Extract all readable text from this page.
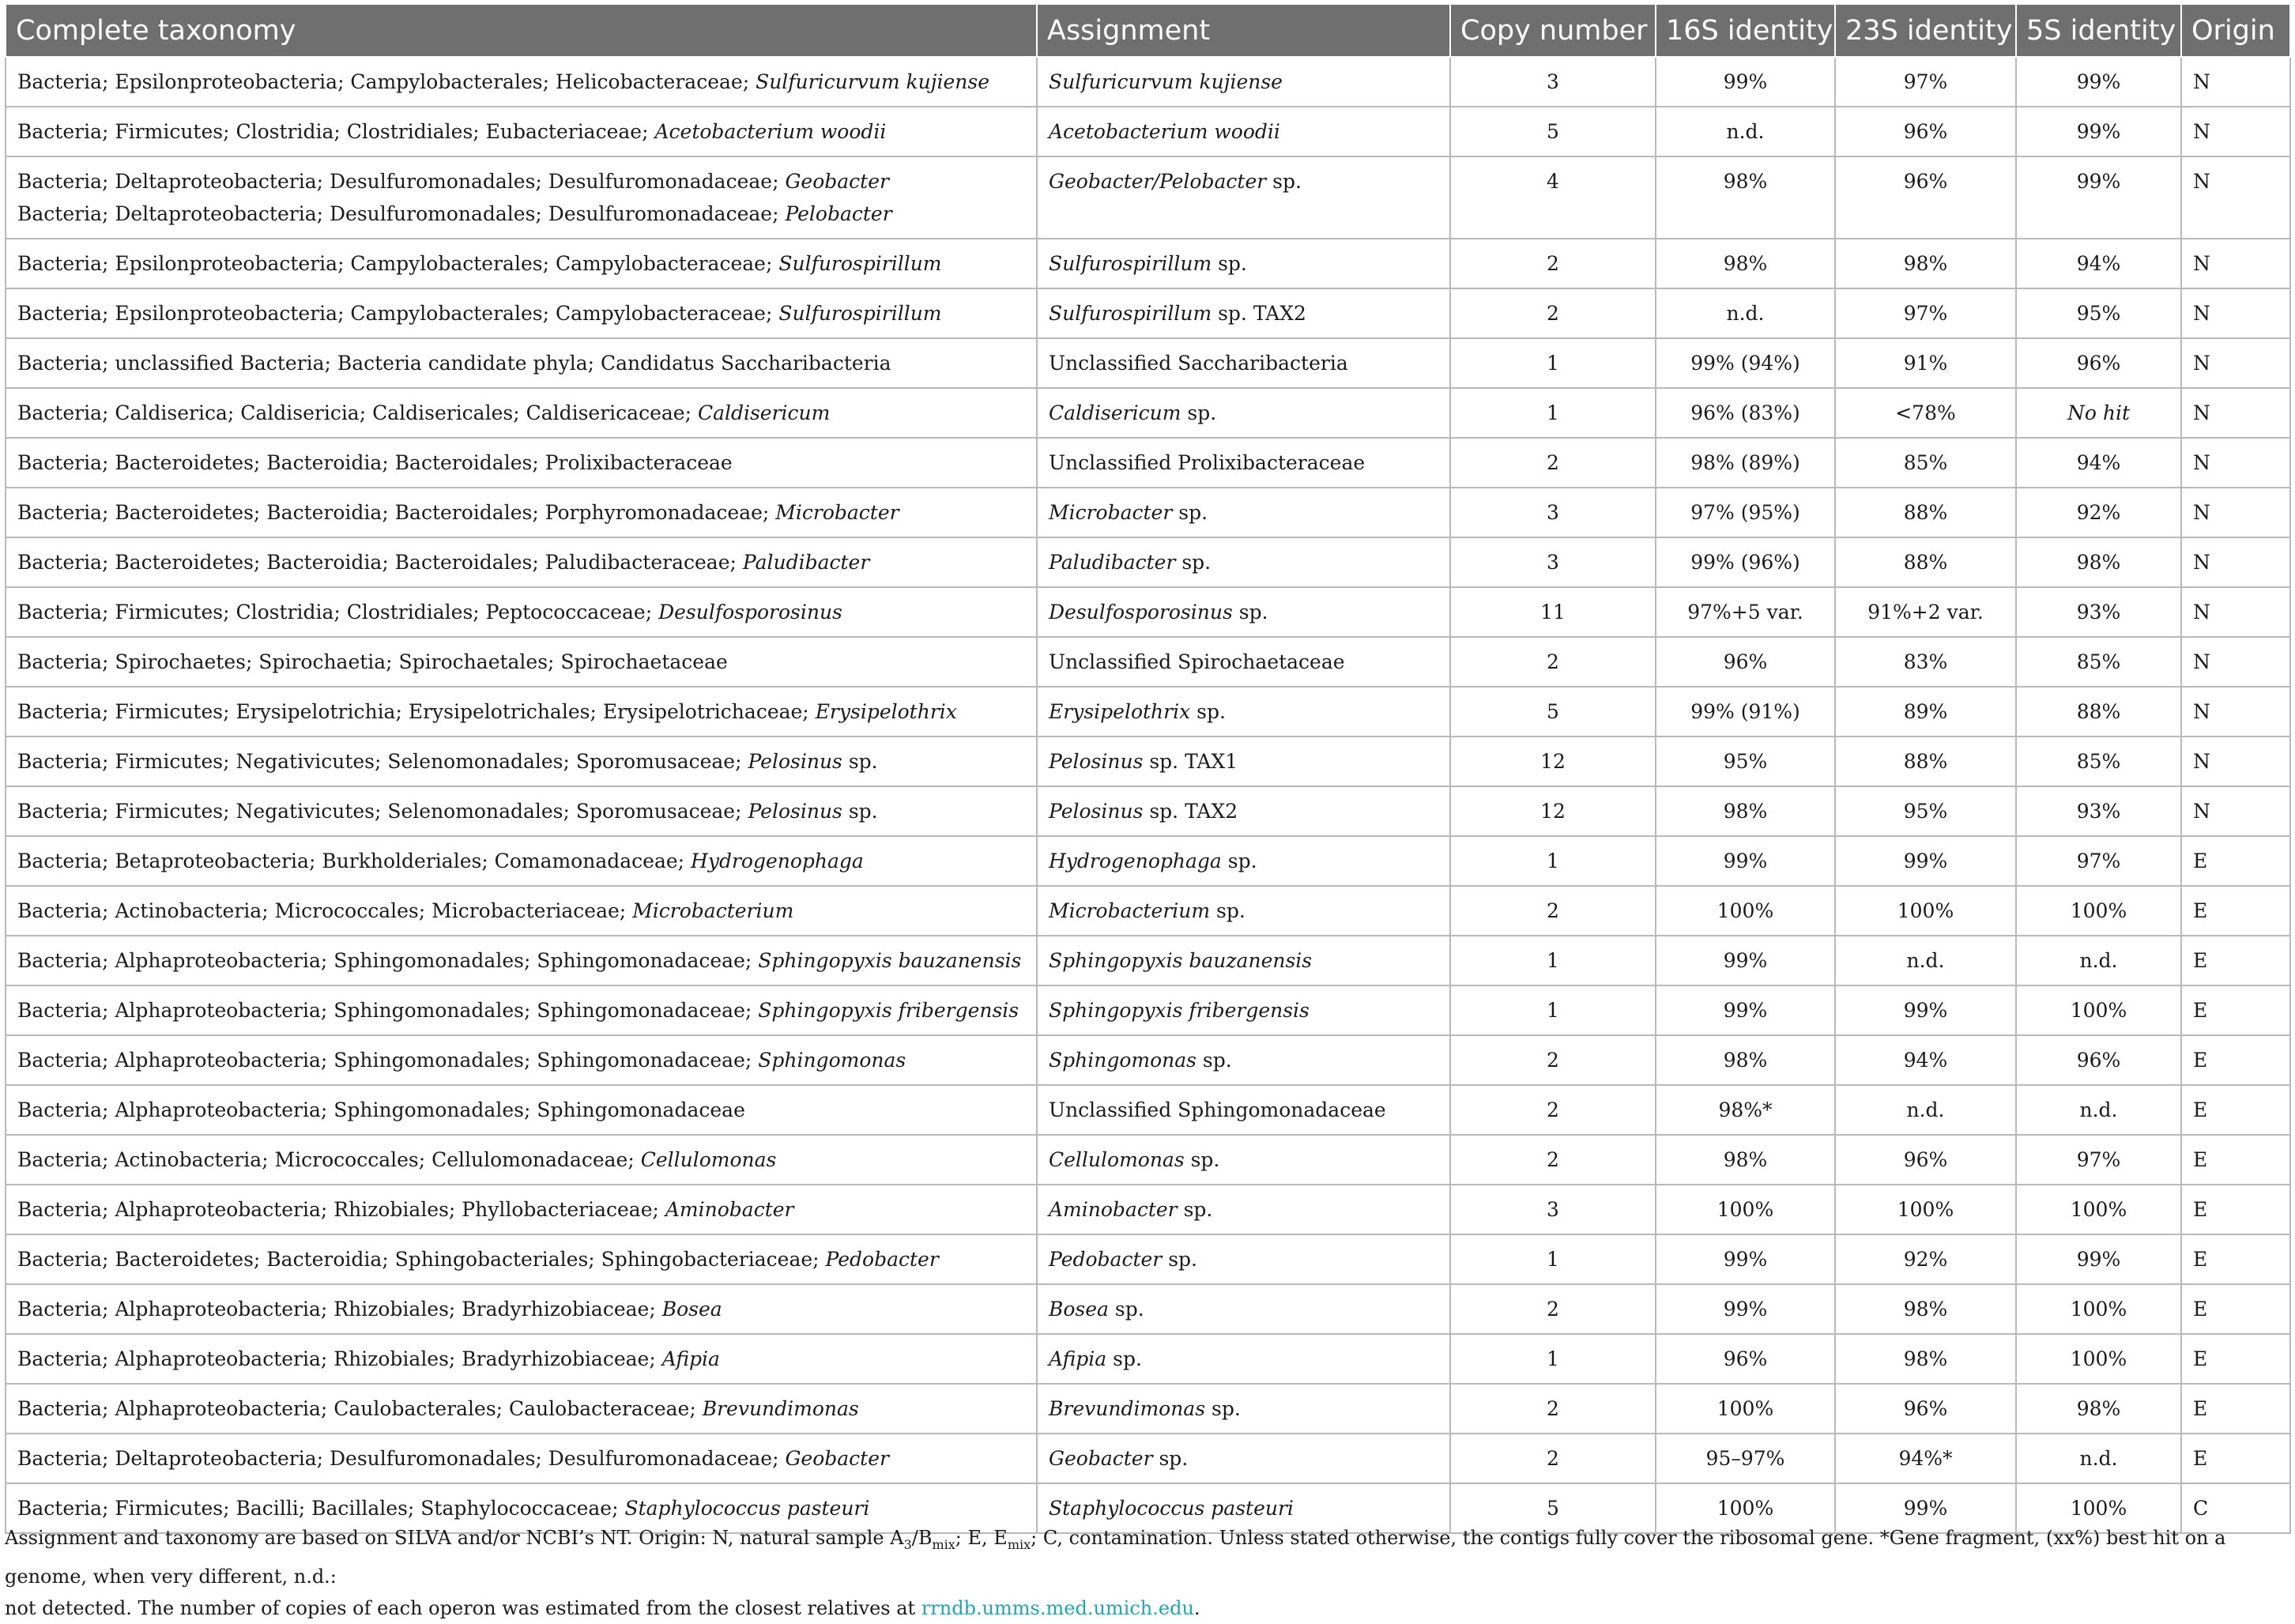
Complete taxonomy	Assignment	Copy number	16S identity	23S identity	5S identity	Origin

Bacteria; Epsilonproteobacteria; Campylobacterales; Helicobacteraceae; Sulfuricurvum kujiense	Sulfuricurvum kujiense	3	99%	97%	99%	N

Bacteria; Firmicutes; Clostridia; Clostridiales; Eubacteriaceae; Acetobacterium woodii	Acetobacterium woodii	5	n.d.	96%	99%	N

Bacteria; Deltaproteobacteria; Desulfuromonadales; Desulfuromonadaceae; Geobacter
Bacteria; Deltaproteobacteria; Desulfuromonadales; Desulfuromonadaceae; Pelobacter	Geobacter/Pelobacter sp.	4	98%	96%	99%	N

Bacteria; Epsilonproteobacteria; Campylobacterales; Campylobacteraceae; Sulfurospirillum	Sulfurospirillum sp.	2	98%	98%	94%	N

Bacteria; Epsilonproteobacteria; Campylobacterales; Campylobacteraceae; Sulfurospirillum	Sulfurospirillum sp. TAX2	2	n.d.	97%	95%	N

Bacteria; unclassified Bacteria; Bacteria candidate phyla; Candidatus Saccharibacteria	Unclassified Saccharibacteria	1	99% (94%)	91%	96%	N

Bacteria; Caldiserica; Caldisericia; Caldisericales; Caldisericaceae; Caldisericum	Caldisericum sp.	1	96% (83%)	<78%	No hit	N

Bacteria; Bacteroidetes; Bacteroidia; Bacteroidales; Prolixibacteraceae	Unclassified Prolixibacteraceae	2	98% (89%)	85%	94%	N

Bacteria; Bacteroidetes; Bacteroidia; Bacteroidales; Porphyromonadaceae; Microbacter	Microbacter sp.	3	97% (95%)	88%	92%	N

Bacteria; Bacteroidetes; Bacteroidia; Bacteroidales; Paludibacteraceae; Paludibacter	Paludibacter sp.	3	99% (96%)	88%	98%	N

Bacteria; Firmicutes; Clostridia; Clostridiales; Peptococcaceae; Desulfosporosinus	Desulfosporosinus sp.	11	97%+5 var.	91%+2 var.	93%	N

Bacteria; Spirochaetes; Spirochaetia; Spirochaetales; Spirochaetaceae	Unclassified Spirochaetaceae	2	96%	83%	85%	N

Bacteria; Firmicutes; Erysipelotrichia; Erysipelotrichales; Erysipelotrichaceae; Erysipelothrix	Erysipelothrix sp.	5	99% (91%)	89%	88%	N

Bacteria; Firmicutes; Negativicutes; Selenomonadales; Sporomusaceae; Pelosinus sp.	Pelosinus sp. TAX1	12	95%	88%	85%	N

Bacteria; Firmicutes; Negativicutes; Selenomonadales; Sporomusaceae; Pelosinus sp.	Pelosinus sp. TAX2	12	98%	95%	93%	N

Bacteria; Betaproteobacteria; Burkholderiales; Comamonadaceae; Hydrogenophaga	Hydrogenophaga sp.	1	99%	99%	97%	E

Bacteria; Actinobacteria; Micrococcales; Microbacteriaceae; Microbacterium	Microbacterium sp.	2	100%	100%	100%	E

Bacteria; Alphaproteobacteria; Sphingomonadales; Sphingomonadaceae; Sphingopyxis bauzanensis	Sphingopyxis bauzanensis	1	99%	n.d.	n.d.	E

Bacteria; Alphaproteobacteria; Sphingomonadales; Sphingomonadaceae; Sphingopyxis fribergensis	Sphingopyxis fribergensis	1	99%	99%	100%	E

Bacteria; Alphaproteobacteria; Sphingomonadales; Sphingomonadaceae; Sphingomonas	Sphingomonas sp.	2	98%	94%	96%	E

Bacteria; Alphaproteobacteria; Sphingomonadales; Sphingomonadaceae	Unclassified Sphingomonadaceae	2	98%*	n.d.	n.d.	E

Bacteria; Actinobacteria; Micrococcales; Cellulomonadaceae; Cellulomonas	Cellulomonas sp.	2	98%	96%	97%	E

Bacteria; Alphaproteobacteria; Rhizobiales; Phyllobacteriaceae; Aminobacter	Aminobacter sp.	3	100%	100%	100%	E

Bacteria; Bacteroidetes; Bacteroidia; Sphingobacteriales; Sphingobacteriaceae; Pedobacter	Pedobacter sp.	1	99%	92%	99%	E

Bacteria; Alphaproteobacteria; Rhizobiales; Bradyrhizobiaceae; Bosea	Bosea sp.	2	99%	98%	100%	E

Bacteria; Alphaproteobacteria; Rhizobiales; Bradyrhizobiaceae; Afipia	Afipia sp.	1	96%	98%	100%	E

Bacteria; Alphaproteobacteria; Caulobacterales; Caulobacteraceae; Brevundimonas	Brevundimonas sp.	2	100%	96%	98%	E

Bacteria; Deltaproteobacteria; Desulfuromonadales; Desulfuromonadaceae; Geobacter	Geobacter sp.	2	95–97%	94%*	n.d.	E

Bacteria; Firmicutes; Bacilli; Bacillales; Staphylococcaceae; Staphylococcus pasteuri	Staphylococcus pasteuri	5	100%	99%	100%	C
Assignment and taxonomy are based on SILVA and/or NCBI’s NT. Origin: N, natural sample $A_3/B_{mix}$; E, $E_{mix}$; C, contamination. Unless stated otherwise, the contigs fully cover the ribosomal gene. *Gene fragment, (xx%) best hit on a genome, when very different, n.d.:
not detected. The number of copies of each operon was estimated from the closest relatives at rrndb.umms.med.umich.edu.
